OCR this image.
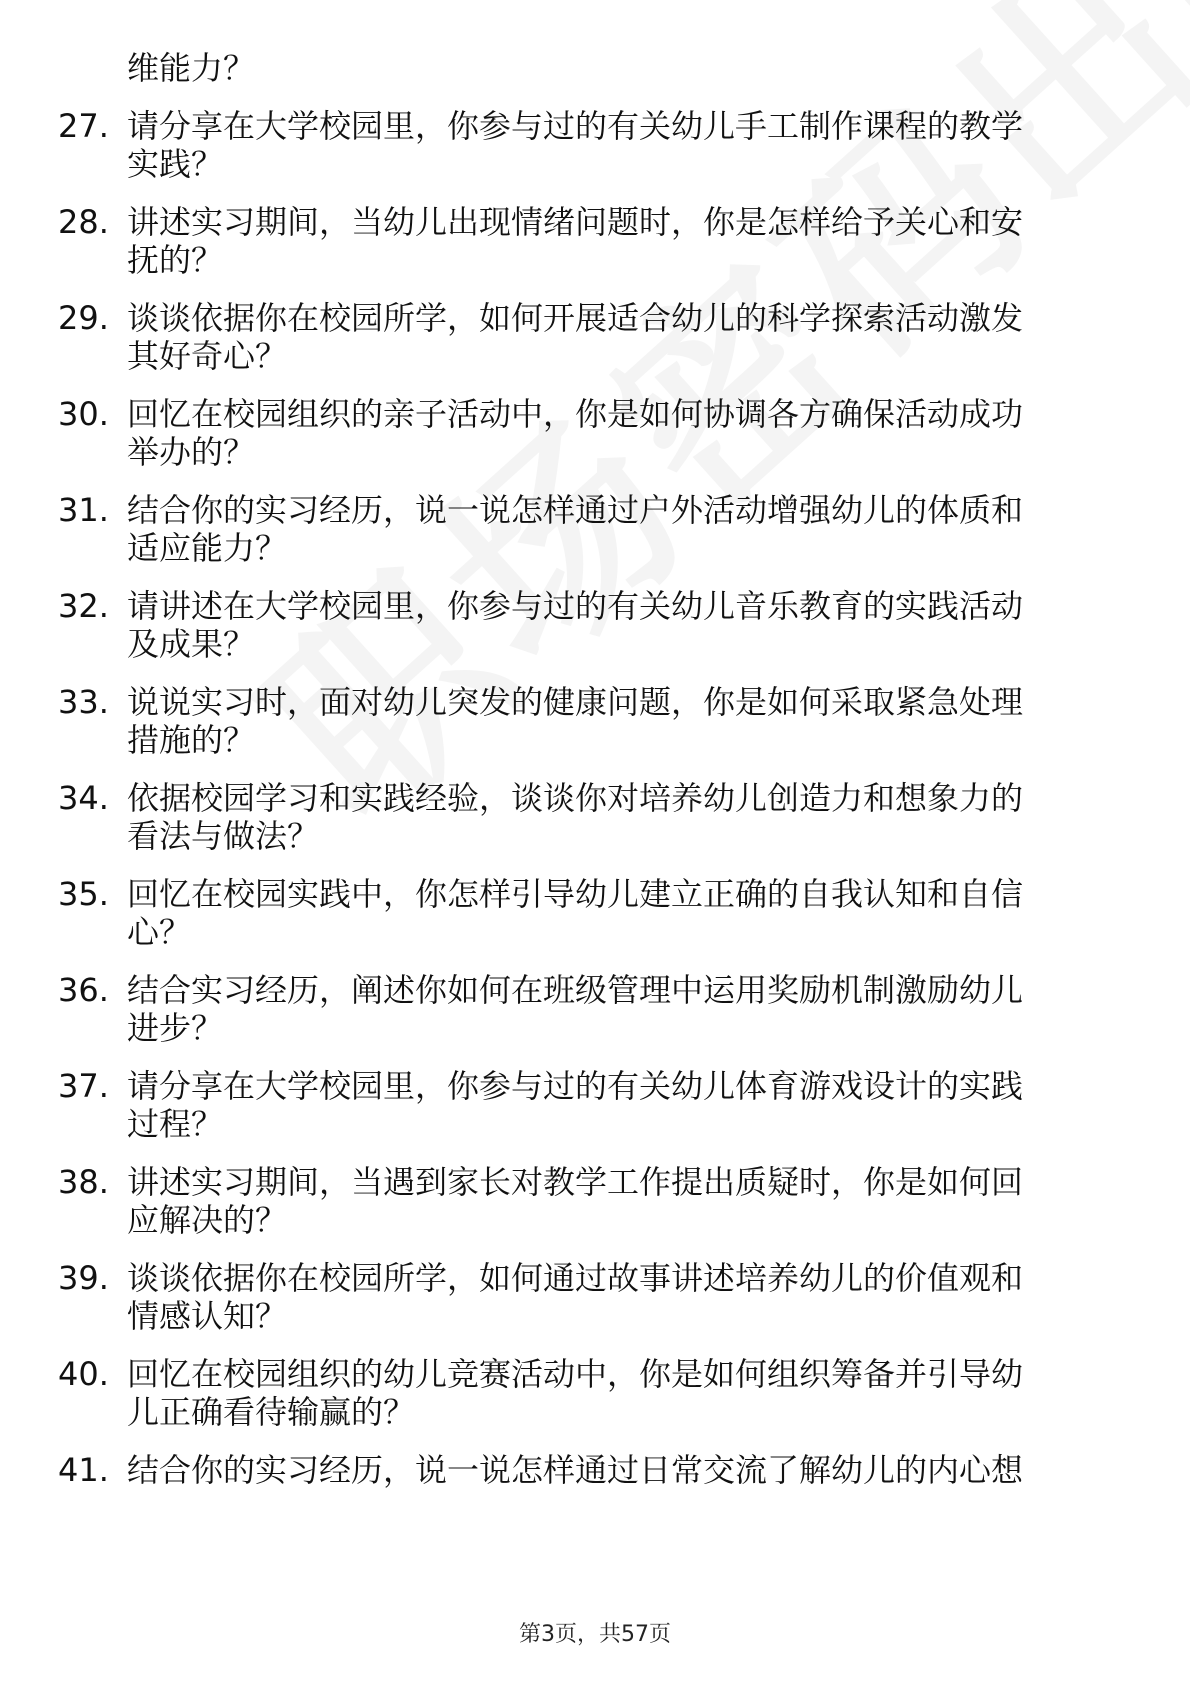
维能力？
27. 请分享在大学校园里，你参与过的有关幼儿手工制作课程的教学
实践？
28. 讲述实习期间，当幼儿出现情绪问题时，你是怎样给予关心和安
抚的？
29. 谈谈依据你在校园所学，如何开展适合幼儿的科学探索活动激发
其好奇心？
30. 回忆在校园组织的亲子活动中，你是如何协调各方确保活动成功
举办的？
31. 结合你的实习经历，说一说怎样通过户外活动增强幼儿的体质和
适应能力？
32. 请讲述在大学校园里，你参与过的有关幼儿音乐教育的实践活动
及成果？
33. 说说实习时，面对幼儿突发的健康问题，你是如何采取紧急处理
措施的？
34. 依据校园学习和实践经验，谈谈你对培养幼儿创造力和想象力的
看法与做法？
35. 回忆在校园实践中，你怎样引导幼儿建立正确的自我认知和自信
心？
36. 结合实习经历，阐述你如何在班级管理中运用奖励机制激励幼儿
进步？
37. 请分享在大学校园里，你参与过的有关幼儿体育游戏设计的实践
过程？
38. 讲述实习期间，当遇到家长对教学工作提出质疑时，你是如何回
应解决的？
39. 谈谈依据你在校园所学，如何通过故事讲述培养幼儿的价值观和
情感认知？
40. 回忆在校园组织的幼儿竞赛活动中，你是如何组织筹备并引导幼
儿正确看待输赢的？
41. 结合你的实习经历，说一说怎样通过日常交流了解幼儿的内心想
第3页，共57页
